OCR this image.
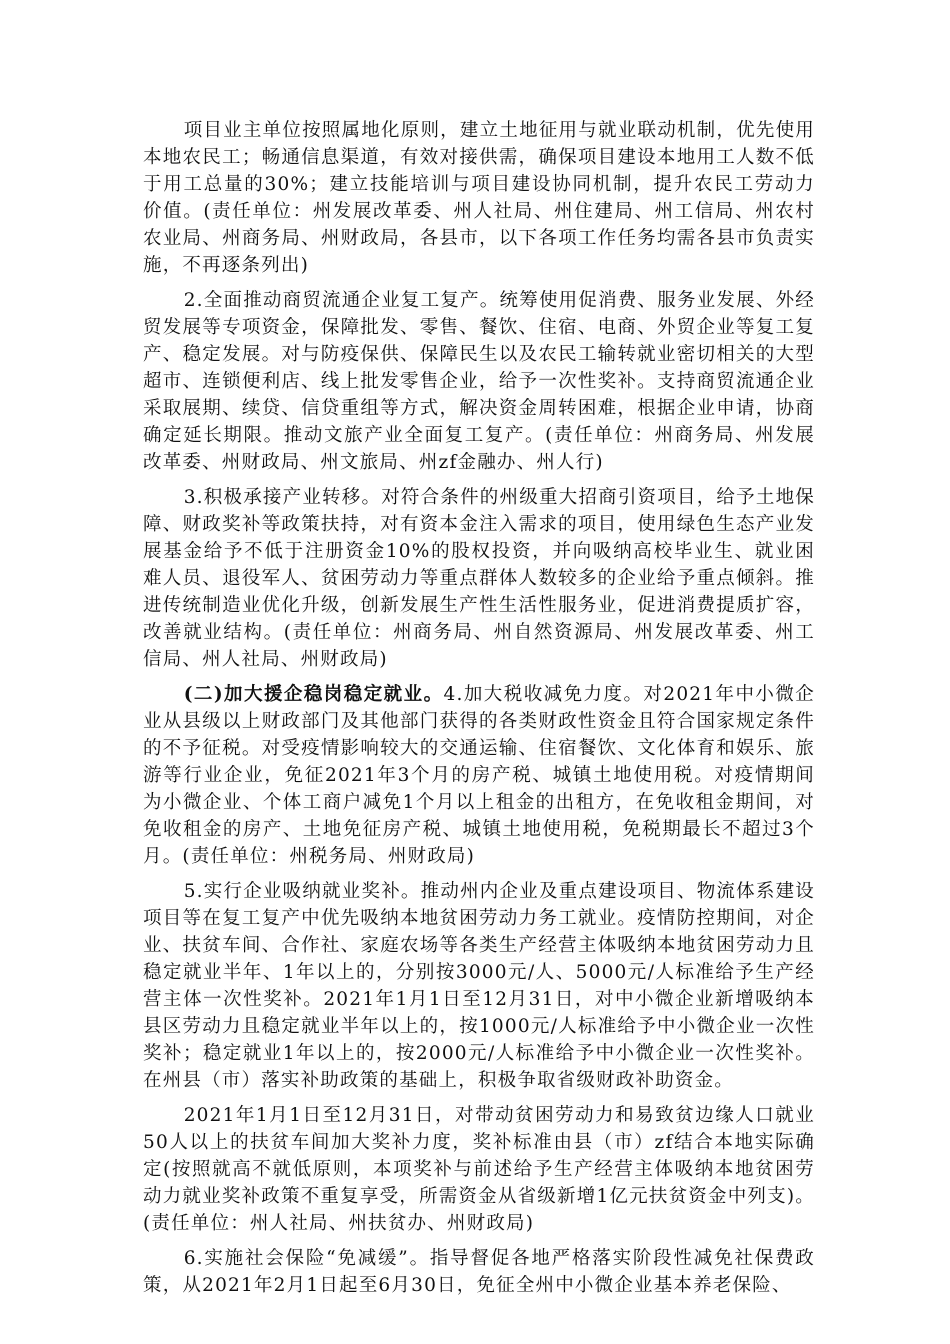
项目业主单位按照属地化原则，建立土地征用与就业联动机制，优先使用本地农民工；畅通信息渠道，有效对接供需，确保项目建设本地用工人数不低于用工总量的30%；建立技能培训与项目建设协同机制，提升农民工劳动力价值。(责任单位：州发展改革委、州人社局、州住建局、州工信局、州农村农业局、州商务局、州财政局，各县市，以下各项工作任务均需各县市负责实施，不再逐条列出)

2.全面推动商贸流通企业复工复产。统筹使用促消费、服务业发展、外经贸发展等专项资金，保障批发、零售、餐饮、住宿、电商、外贸企业等复工复产、稳定发展。对与防疫保供、保障民生以及农民工输转就业密切相关的大型超市、连锁便利店、线上批发零售企业，给予一次性奖补。支持商贸流通企业采取展期、续贷、信贷重组等方式，解决资金周转困难，根据企业申请，协商确定延长期限。推动文旅产业全面复工复产。(责任单位：州商务局、州发展改革委、州财政局、州文旅局、州zf金融办、州人行)

3.积极承接产业转移。对符合条件的州级重大招商引资项目，给予土地保障、财政奖补等政策扶持，对有资本金注入需求的项目，使用绿色生态产业发展基金给予不低于注册资金10%的股权投资，并向吸纳高校毕业生、就业困难人员、退役军人、贫困劳动力等重点群体人数较多的企业给予重点倾斜。推进传统制造业优化升级，创新发展生产性生活性服务业，促进消费提质扩容，改善就业结构。(责任单位：州商务局、州自然资源局、州发展改革委、州工信局、州人社局、州财政局)

(二)加大援企稳岗稳定就业。4.加大税收减免力度。对2021年中小微企业从县级以上财政部门及其他部门获得的各类财政性资金且符合国家规定条件的不予征税。对受疫情影响较大的交通运输、住宿餐饮、文化体育和娱乐、旅游等行业企业，免征2021年3个月的房产税、城镇土地使用税。对疫情期间为小微企业、个体工商户减免1个月以上租金的出租方，在免收租金期间，对免收租金的房产、土地免征房产税、城镇土地使用税，免税期最长不超过3个月。(责任单位：州税务局、州财政局)

5.实行企业吸纳就业奖补。推动州内企业及重点建设项目、物流体系建设项目等在复工复产中优先吸纳本地贫困劳动力务工就业。疫情防控期间，对企业、扶贫车间、合作社、家庭农场等各类生产经营主体吸纳本地贫困劳动力且稳定就业半年、1年以上的，分别按3000元/人、5000元/人标准给予生产经营主体一次性奖补。2021年1月1日至12月31日，对中小微企业新增吸纳本县区劳动力且稳定就业半年以上的，按1000元/人标准给予中小微企业一次性奖补；稳定就业1年以上的，按2000元/人标准给予中小微企业一次性奖补。在州县（市）落实补助政策的基础上，积极争取省级财政补助资金。

2021年1月1日至12月31日，对带动贫困劳动力和易致贫边缘人口就业50人以上的扶贫车间加大奖补力度，奖补标准由县（市）zf结合本地实际确定(按照就高不就低原则，本项奖补与前述给予生产经营主体吸纳本地贫困劳动力就业奖补政策不重复享受，所需资金从省级新增1亿元扶贫资金中列支)。(责任单位：州人社局、州扶贫办、州财政局)

6.实施社会保险“免减缓”。指导督促各地严格落实阶段性减免社保费政策，从2021年2月1日起至6月30日，免征全州中小微企业基本养老保险、
